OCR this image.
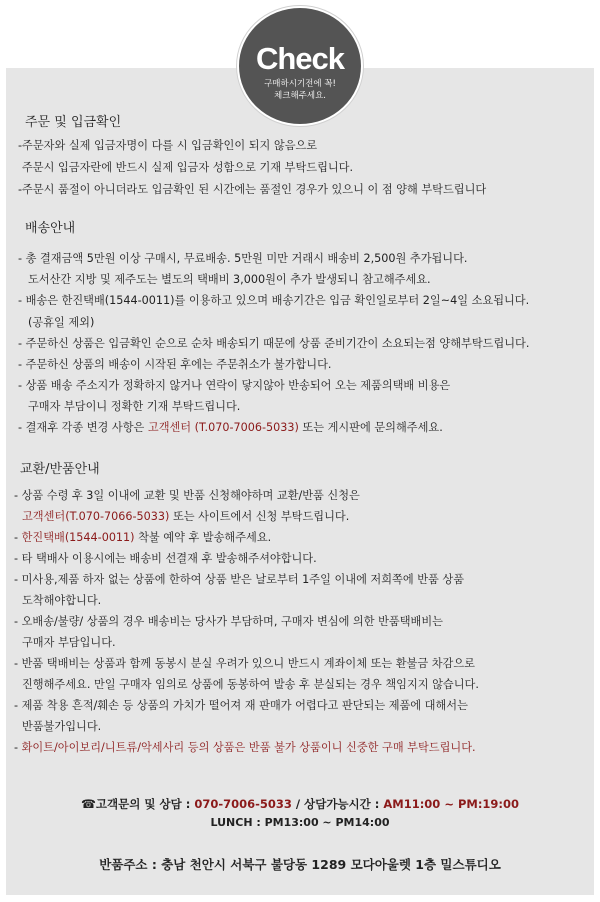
Check
구매하시기전에 꼭!
체크해주세요.
주문 및 입금확인
-주문자와 실제 입금자명이 다를 시 입금확인이 되지 않음으로
주문시 입금자란에 반드시 실제 입금자 성함으로 기재 부탁드립니다.
-주문시 품절이 아니더라도 입금확인 된 시간에는 품절인 경우가 있으니 이 점 양해 부탁드립니다
배송안내
- 총 결재금액 5만원 이상 구매시, 무료배송. 5만원 미만 거래시 배송비 2,500원 추가됩니다.
도서산간 지방 및 제주도는 별도의 택배비 3,000원이 추가 발생되니 참고해주세요.
- 배송은 한진택배(1544-0011)를 이용하고 있으며 배송기간은 입금 확인일로부터 2일~4일 소요됩니다.
(공휴일 제외)
- 주문하신 상품은 입금확인 순으로 순차 배송되기 때문에 상품 준비기간이 소요되는점 양해부탁드립니다.
- 주문하신 상품의 배송이 시작된 후에는 주문취소가 불가합니다.
- 상품 배송 주소지가 정확하지 않거나 연락이 닿지않아 반송되어 오는 제품의택배 비용은
구매자 부담이니 정확한 기재 부탁드립니다.
- 결재후 각종 변경 사항은 고객센터 (T.070-7006-5033) 또는 게시판에 문의해주세요.
교환/반품안내
- 상품 수령 후 3일 이내에 교환 및 반품 신청해야하며 교환/반품 신청은
고객센터(T.070-7066-5033) 또는 사이트에서 신청 부탁드립니다.
- 한진택배(1544-0011) 착불 예약 후 발송해주세요.
- 타 택배사 이용시에는 배송비 선결재 후 발송해주셔야합니다.
- 미사용,제품 하자 없는 상품에 한하여 상품 받은 날로부터 1주일 이내에 저희쪽에 반품 상품
도착해야합니다.
- 오배송/불량/ 상품의 경우 배송비는 당사가 부담하며, 구매자 변심에 의한 반품택배비는
구매자 부담입니다.
- 반품 택배비는 상품과 함께 동봉시 분실 우려가 있으니 반드시 계좌이체 또는 환불금 차감으로
진행해주세요. 만일 구매자 임의로 상품에 동봉하여 발송 후 분실되는 경우 책임지지 않습니다.
- 제품 착용 흔적/훼손 등 상품의 가치가 떨어져 재 판매가 어렵다고 판단되는 제품에 대해서는
반품불가입니다.
- 화이트/아이보리/니트류/악세사리 등의 상품은 반품 불가 상품이니 신중한 구매 부탁드립니다.
☎고객문의 및 상담 : 070-7006-5033 / 상담가능시간 : AM11:00 ~ PM:19:00
LUNCH : PM13:00 ~ PM14:00
반품주소 : 충남 천안시 서북구 불당동 1289 모다아울렛 1층 밀스튜디오
